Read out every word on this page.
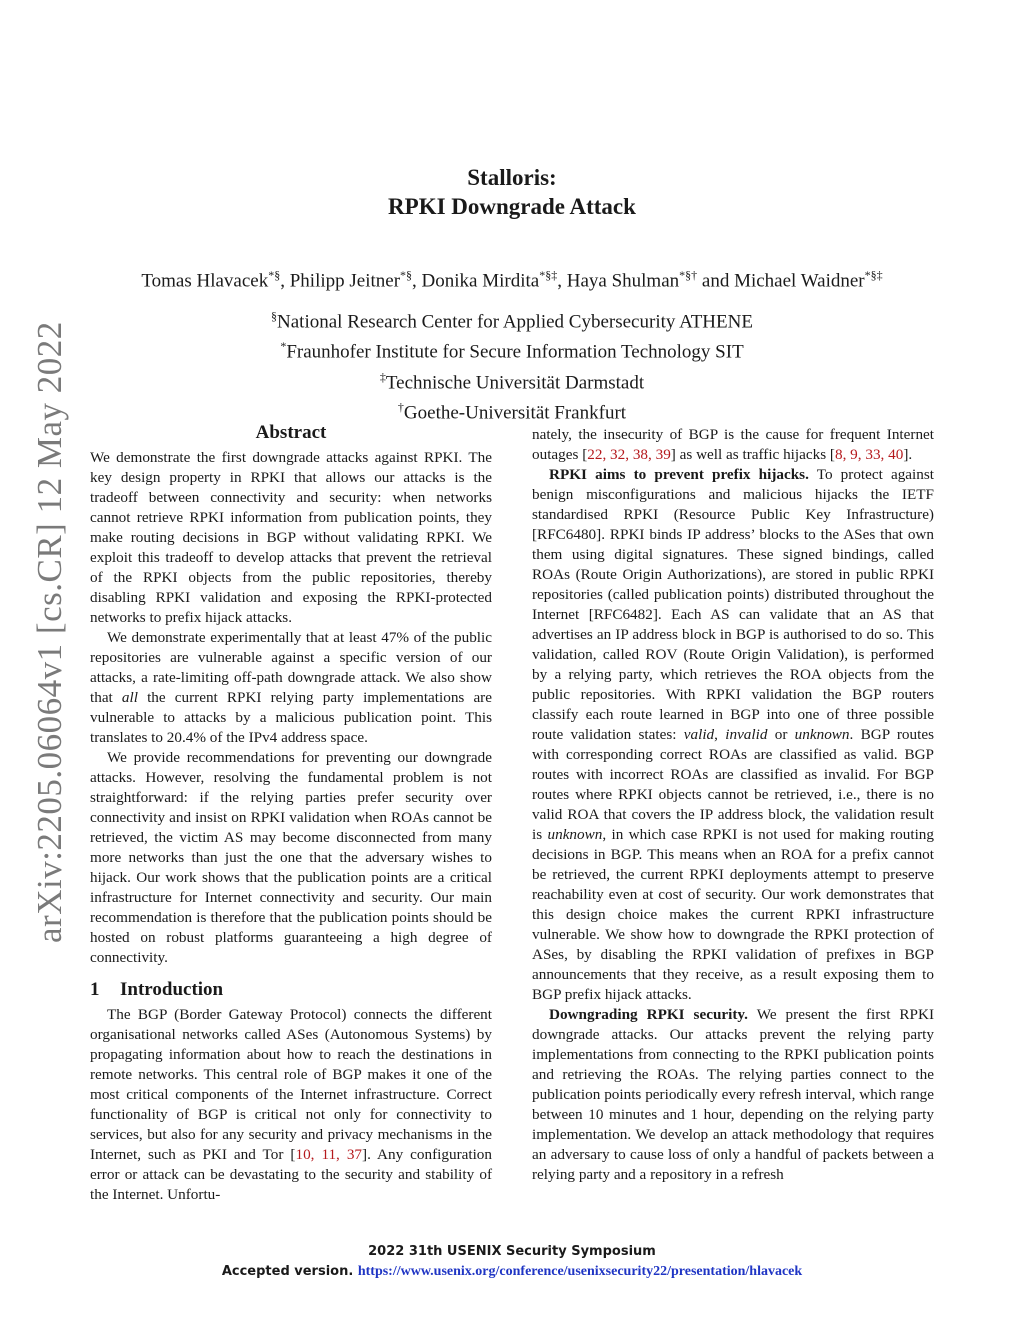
arXiv:2205.06064v1 [cs.CR] 12 May 2022
Stalloris:
RPKI Downgrade Attack
Tomas Hlavacek*§, Philipp Jeitner*§, Donika Mirdita*§‡, Haya Shulman*§† and Michael Waidner*§‡
§National Research Center for Applied Cybersecurity ATHENE
*Fraunhofer Institute for Secure Information Technology SIT
‡Technische Universität Darmstadt
†Goethe-Universität Frankfurt
Abstract

We demonstrate the first downgrade attacks against RPKI. The key design property in RPKI that allows our attacks is the tradeoff between connectivity and security: when networks cannot retrieve RPKI information from publication points, they make routing decisions in BGP without validating RPKI. We exploit this tradeoff to develop attacks that prevent the retrieval of the RPKI objects from the public repositories, thereby disabling RPKI validation and exposing the RPKI-protected networks to prefix hijack attacks.

We demonstrate experimentally that at least 47% of the public repositories are vulnerable against a specific version of our attacks, a rate-limiting off-path downgrade attack. We also show that all the current RPKI relying party implementations are vulnerable to attacks by a malicious publication point. This translates to 20.4% of the IPv4 address space.

We provide recommendations for preventing our downgrade attacks. However, resolving the fundamental problem is not straightforward: if the relying parties prefer security over connectivity and insist on RPKI validation when ROAs cannot be retrieved, the victim AS may become disconnected from many more networks than just the one that the adversary wishes to hijack. Our work shows that the publication points are a critical infrastructure for Internet connectivity and security. Our main recommendation is therefore that the publication points should be hosted on robust platforms guaranteeing a high degree of connectivity.

1 Introduction

The BGP (Border Gateway Protocol) connects the different organisational networks called ASes (Autonomous Systems) by propagating information about how to reach the destinations in remote networks. This central role of BGP makes it one of the most critical components of the Internet infrastructure. Correct functionality of BGP is critical not only for connectivity to services, but also for any security and privacy mechanisms in the Internet, such as PKI and Tor [10, 11, 37]. Any configuration error or attack can be devastating to the security and stability of the Internet. Unfortu-

nately, the insecurity of BGP is the cause for frequent Internet outages [22, 32, 38, 39] as well as traffic hijacks [8, 9, 33, 40].

RPKI aims to prevent prefix hijacks. To protect against benign misconfigurations and malicious hijacks the IETF standardised RPKI (Resource Public Key Infrastructure) [RFC6480]. RPKI binds IP address’ blocks to the ASes that own them using digital signatures. These signed bindings, called ROAs (Route Origin Authorizations), are stored in public RPKI repositories (called publication points) distributed throughout the Internet [RFC6482]. Each AS can validate that an AS that advertises an IP address block in BGP is authorised to do so. This validation, called ROV (Route Origin Validation), is performed by a relying party, which retrieves the ROA objects from the public repositories. With RPKI validation the BGP routers classify each route learned in BGP into one of three possible route validation states: valid, invalid or unknown. BGP routes with corresponding correct ROAs are classified as valid. BGP routes with incorrect ROAs are classified as invalid. For BGP routes where RPKI objects cannot be retrieved, i.e., there is no valid ROA that covers the IP address block, the validation result is unknown, in which case RPKI is not used for making routing decisions in BGP. This means when an ROA for a prefix cannot be retrieved, the current RPKI deployments attempt to preserve reachability even at cost of security. Our work demonstrates that this design choice makes the current RPKI infrastructure vulnerable. We show how to downgrade the RPKI protection of ASes, by disabling the RPKI validation of prefixes in BGP announcements that they receive, as a result exposing them to BGP prefix hijack attacks.

Downgrading RPKI security. We present the first RPKI downgrade attacks. Our attacks prevent the relying party implementations from connecting to the RPKI publication points and retrieving the ROAs. The relying parties connect to the publication points periodically every refresh interval, which range between 10 minutes and 1 hour, depending on the relying party implementation. We develop an attack methodology that requires an adversary to cause loss of only a handful of packets between a relying party and a repository in a refresh

2022 31th USENIX Security Symposium
Accepted version. https://www.usenix.org/conference/usenixsecurity22/presentation/hlavacek
